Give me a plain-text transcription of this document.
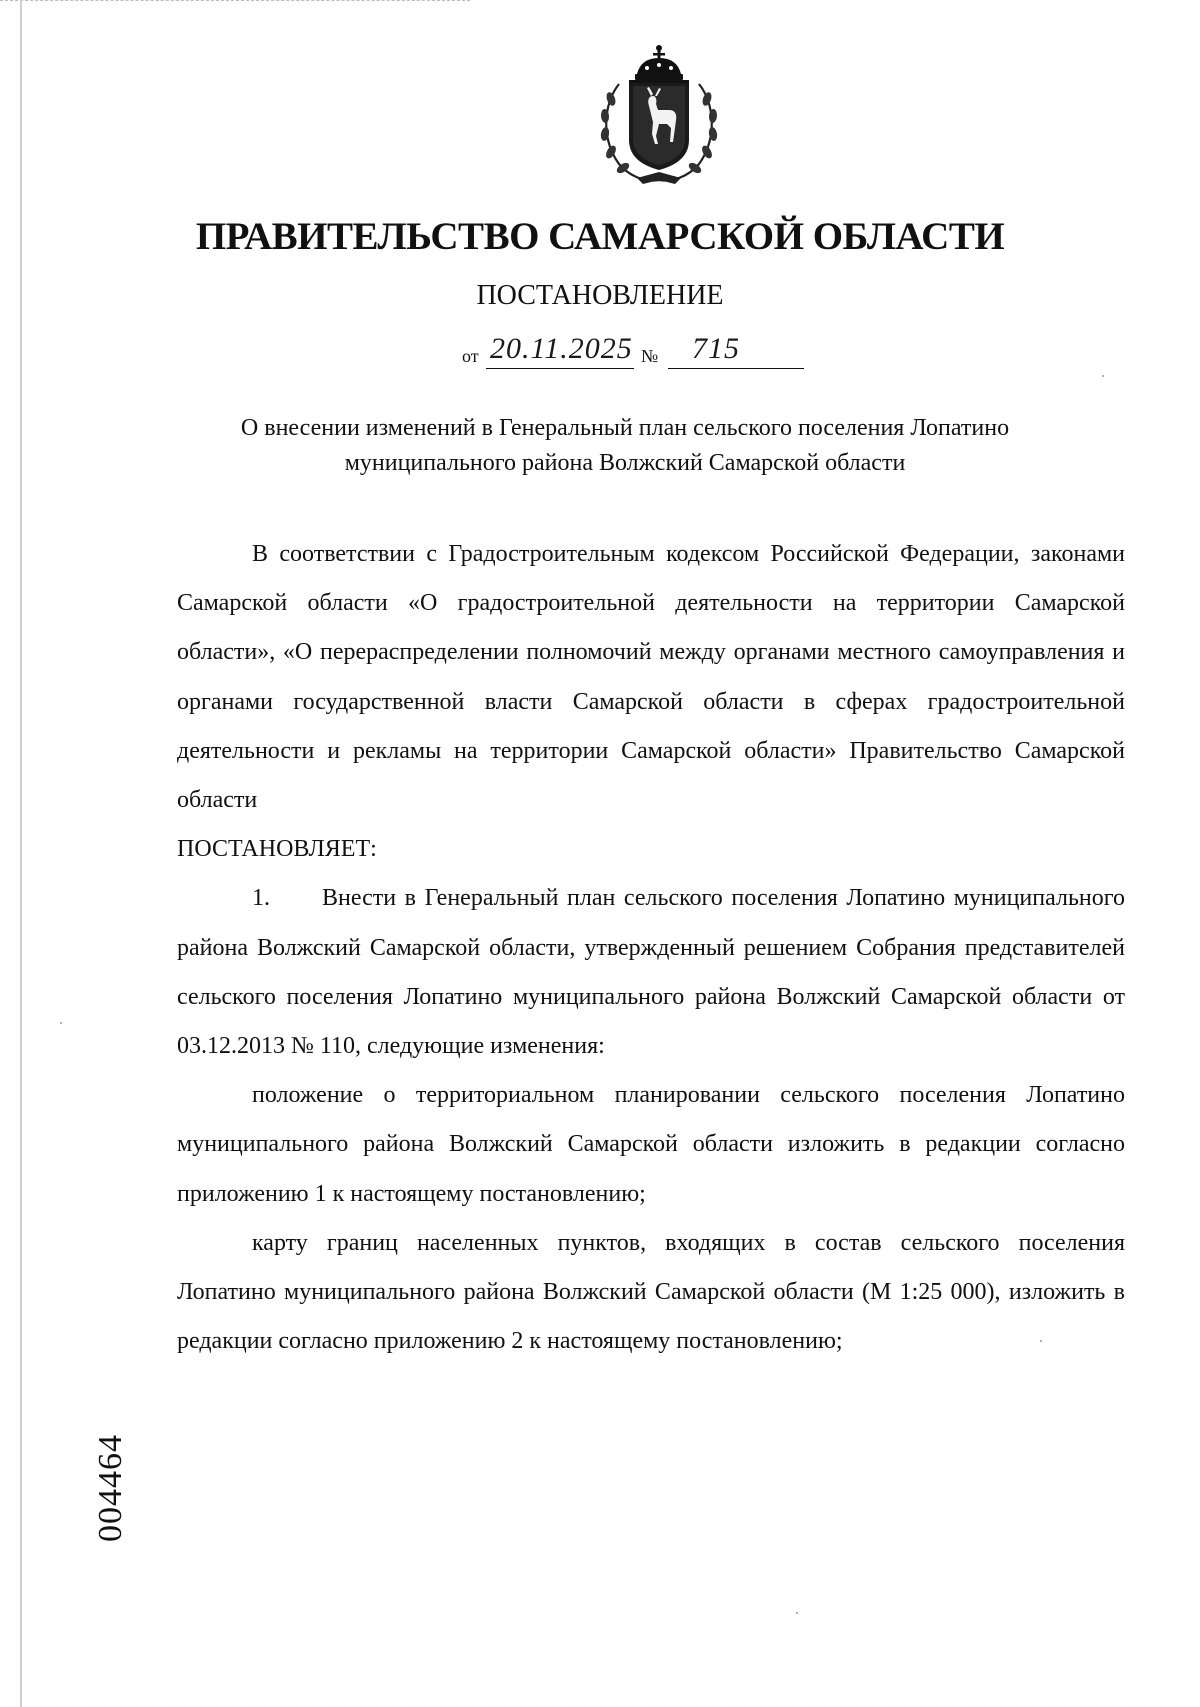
ПРАВИТЕЛЬСТВО САМАРСКОЙ ОБЛАСТИ
ПОСТАНОВЛЕНИЕ
от 20.11.2025 № 715
О внесении изменений в Генеральный план сельского поселения Лопатино
муниципального района Волжский Самарской области

В соответствии с Градостроительным кодексом Российской Федерации, законами Самарской области «О градостроительной деятельности на территории Самарской области», «О перераспределении полномочий между органами местного самоуправления и органами государственной власти Самарской области в сферах градостроительной деятельности и рекламы на территории Самарской области» Правительство Самарской области

ПОСТАНОВЛЯЕТ:

1. Внести в Генеральный план сельского поселения Лопатино муниципального района Волжский Самарской области, утвержденный решением Собрания представителей сельского поселения Лопатино муниципального района Волжский Самарской области от 03.12.2013 № 110, следующие изменения:

положение о территориальном планировании сельского поселения Лопатино муниципального района Волжский Самарской области изложить в редакции согласно приложению 1 к настоящему постановлению;

карту границ населенных пунктов, входящих в состав сельского поселения Лопатино муниципального района Волжский Самарской области (М 1:25 000), изложить в редакции согласно приложению 2 к настоящему постановлению;

004464
